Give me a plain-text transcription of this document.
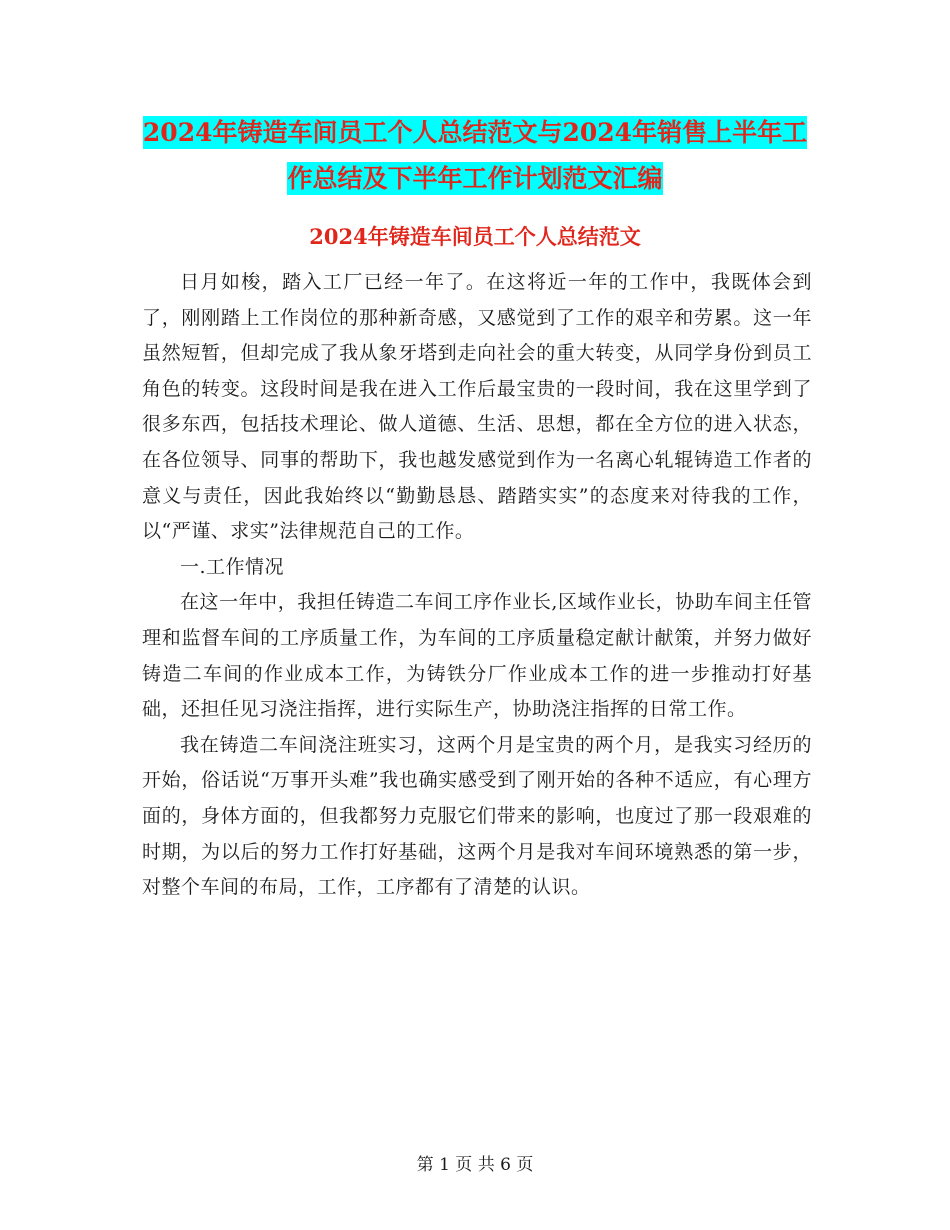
2024年铸造车间员工个人总结范文与2024年销售上半年工作总结及下半年工作计划范文汇编
2024年铸造车间员工个人总结范文

日月如梭，踏入工厂已经一年了。在这将近一年的工作中，我既体会到了，刚刚踏上工作岗位的那种新奇感，又感觉到了工作的艰辛和劳累。这一年虽然短暂，但却完成了我从象牙塔到走向社会的重大转变，从同学身份到员工角色的转变。这段时间是我在进入工作后最宝贵的一段时间，我在这里学到了很多东西，包括技术理论、做人道德、生活、思想，都在全方位的进入状态，在各位领导、同事的帮助下，我也越发感觉到作为一名离心轧辊铸造工作者的意义与责任，因此我始终以“勤勤恳恳、踏踏实实”的态度来对待我的工作，以“严谨、求实”法律规范自己的工作。

一.工作情况

在这一年中，我担任铸造二车间工序作业长,区域作业长，协助车间主任管理和监督车间的工序质量工作，为车间的工序质量稳定献计献策，并努力做好铸造二车间的作业成本工作，为铸铁分厂作业成本工作的进一步推动打好基础，还担任见习浇注指挥，进行实际生产，协助浇注指挥的日常工作。

我在铸造二车间浇注班实习，这两个月是宝贵的两个月，是我实习经历的开始，俗话说“万事开头难”我也确实感受到了刚开始的各种不适应，有心理方面的，身体方面的，但我都努力克服它们带来的影响，也度过了那一段艰难的时期，为以后的努力工作打好基础，这两个月是我对车间环境熟悉的第一步，对整个车间的布局，工作，工序都有了清楚的认识。

第 1 页 共 6 页
